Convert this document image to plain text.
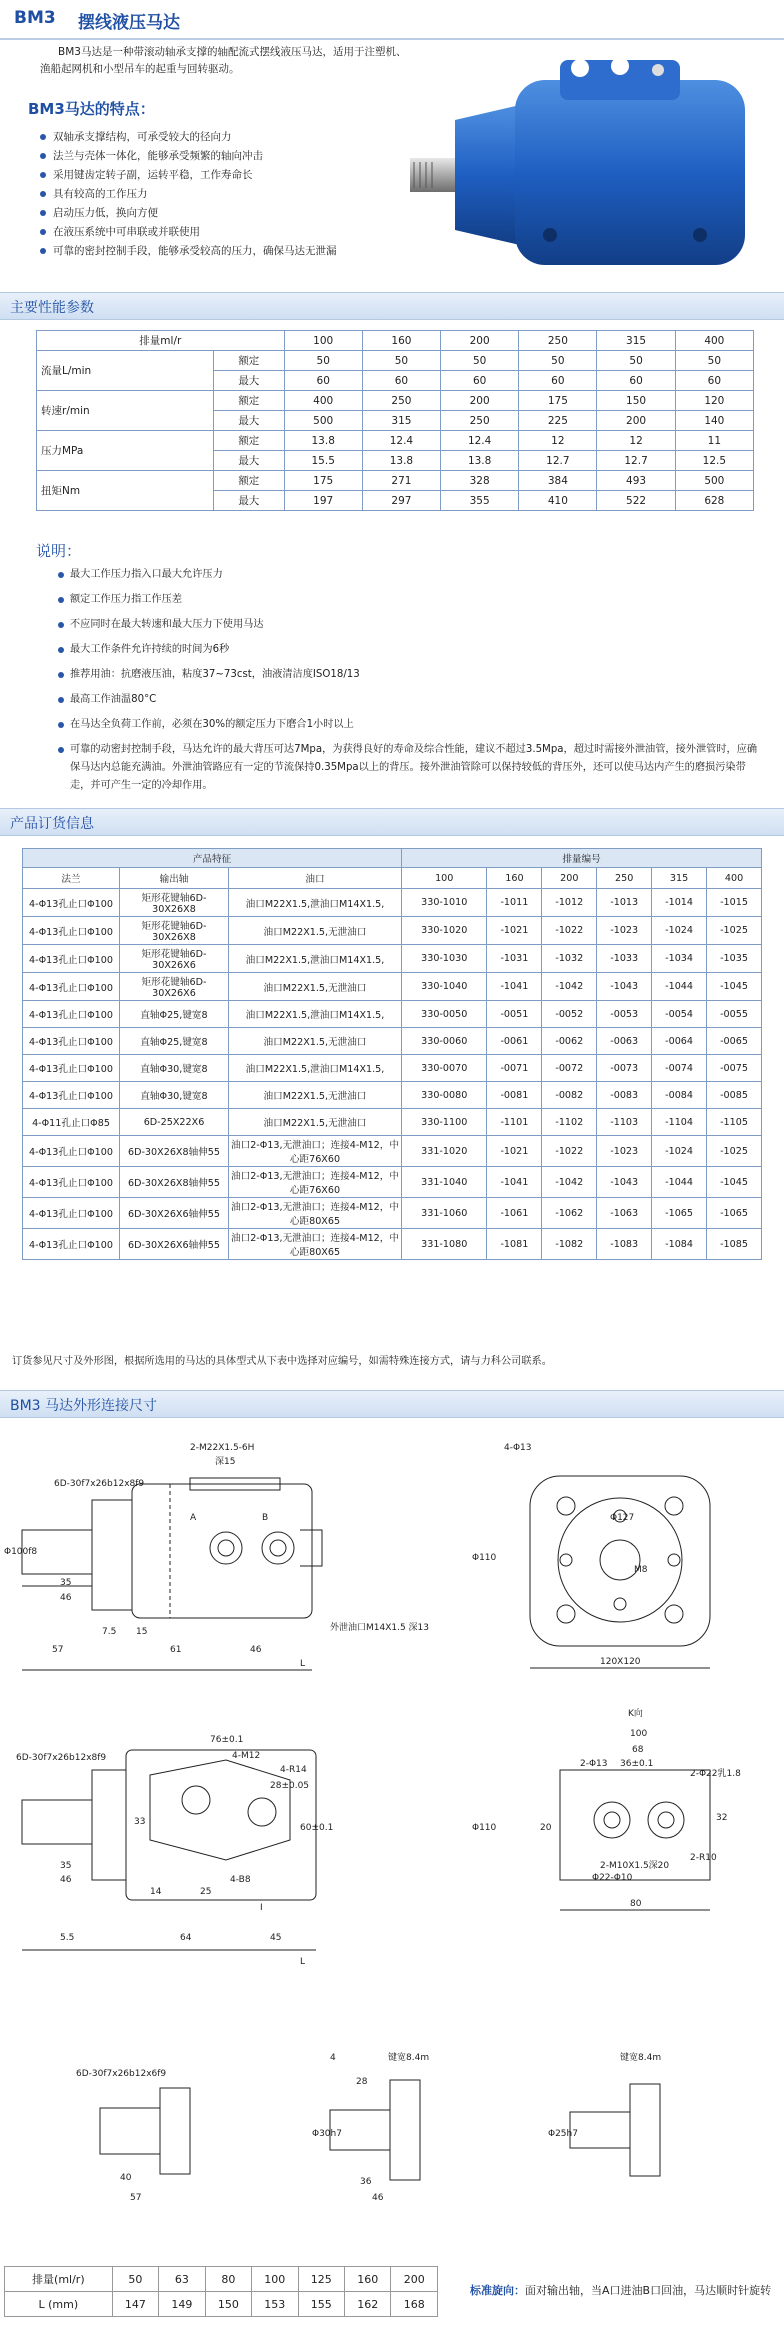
BM3 摆线液压马达
BM3马达是一种带滚动轴承支撑的轴配流式摆线液压马达，适用于注塑机、渔船起网机和小型吊车的起重与回转驱动。
BM3马达的特点：
双轴承支撑结构，可承受较大的径向力
法兰与壳体一体化，能够承受频繁的轴向冲击
采用键齿定转子副，运转平稳，工作寿命长
具有较高的工作压力
启动压力低，换向方便
在液压系统中可串联或并联使用
可靠的密封控制手段，能够承受较高的压力，确保马达无泄漏
主要性能参数
排量ml/r		100	160	200	250	315	400
流量L/min	额定	50	50	50	50	50	50
	最大	60	60	60	60	60	60
转速r/min	额定	400	250	200	175	150	120
	最大	500	315	250	225	200	140
压力MPa	额定	13.8	12.4	12.4	12	12	11
	最大	15.5	13.8	13.8	12.7	12.7	12.5
扭矩Nm	额定	175	271	328	384	493	500
	最大	197	297	355	410	522	628
说明：
最大工作压力指入口最大允许压力
额定工作压力指工作压差
不应同时在最大转速和最大压力下使用马达
最大工作条件允许持续的时间为6秒
推荐用油：抗磨液压油，粘度37~73cst，油液清洁度ISO18/13
最高工作油温80°C
在马达全负荷工作前，必须在30%的额定压力下磨合1小时以上
可靠的动密封控制手段，马达允许的最大背压可达7Mpa，为获得良好的寿命及综合性能，建议不超过3.5Mpa，超过时需接外泄油管，接外泄管时，应确保马达内总能充满油。外泄油管路应有一定的节流保持0.35Mpa以上的背压。接外泄油管除可以保持较低的背压外，还可以使马达内产生的磨损污染带走，并可产生一定的冷却作用。
产品订货信息
产品特征			排量编号					
法兰	输出轴	油口	100	160	200	250	315	400
4-Φ13孔止口Φ100	矩形花键轴6D-30X26X8	油口M22X1.5,泄油口M14X1.5,	330-1010	-1011	-1012	-1013	-1014	-1015
4-Φ13孔止口Φ100	矩形花键轴6D-30X26X8	油口M22X1.5,无泄油口	330-1020	-1021	-1022	-1023	-1024	-1025
4-Φ13孔止口Φ100	矩形花键轴6D-30X26X6	油口M22X1.5,泄油口M14X1.5,	330-1030	-1031	-1032	-1033	-1034	-1035
4-Φ13孔止口Φ100	矩形花键轴6D-30X26X6	油口M22X1.5,无泄油口	330-1040	-1041	-1042	-1043	-1044	-1045
4-Φ13孔止口Φ100	直轴Φ25,键宽8	油口M22X1.5,泄油口M14X1.5,	330-0050	-0051	-0052	-0053	-0054	-0055
4-Φ13孔止口Φ100	直轴Φ25,键宽8	油口M22X1.5,无泄油口	330-0060	-0061	-0062	-0063	-0064	-0065
4-Φ13孔止口Φ100	直轴Φ30,键宽8	油口M22X1.5,泄油口M14X1.5,	330-0070	-0071	-0072	-0073	-0074	-0075
4-Φ13孔止口Φ100	直轴Φ30,键宽8	油口M22X1.5,无泄油口	330-0080	-0081	-0082	-0083	-0084	-0085
4-Φ11孔止口Φ85	6D-25X22X6	油口M22X1.5,无泄油口	330-1100	-1101	-1102	-1103	-1104	-1105
4-Φ13孔止口Φ100	6D-30X26X8轴伸55	油口2-Φ13,无泄油口；连接4-M12，中心距76X60	331-1020	-1021	-1022	-1023	-1024	-1025
4-Φ13孔止口Φ100	6D-30X26X8轴伸55	油口2-Φ13,无泄油口；连接4-M12，中心距76X60	331-1040	-1041	-1042	-1043	-1044	-1045
4-Φ13孔止口Φ100	6D-30X26X6轴伸55	油口2-Φ13,无泄油口；连接4-M12，中心距80X65	331-1060	-1061	-1062	-1063	-1065	-1065
4-Φ13孔止口Φ100	6D-30X26X6轴伸55	油口2-Φ13,无泄油口；连接4-M12，中心距80X65	331-1080	-1081	-1082	-1083	-1084	-1085
订货参见尺寸及外形图，根据所选用的马达的具体型式从下表中选择对应编号，如需特殊连接方式，请与力科公司联系。
BM3 马达外形连接尺寸
6D-30f7x26b12x8f9
Φ100f8
35
46
7.5 15
57	61	46
L
2-M22X1.5-6H
深15
A	B
外泄油口M14X1.5 深13
Φ110
4-Φ13
Φ127
M8
120X120
6D-30f7x26b12x8f9
35
46
76±0.1
4-M12
4-R14
28±0.05
60±0.1
33
4-B8
25
14
I
5.5	64	45
L
Φ110
K向
100
68
36±0.1
2-Φ13
2-Φ22乳1.8
20
32
2-M10X1.5深20
Φ22-Φ10
2-R10
80
6D-30f7x26b12x6f9
40
57
4
28
Φ30h7
键宽8.4m
36
46
Φ25h7
键宽8.4m
排量(ml/r)	50	63	80	100	125	160	200
L (mm)	147	149	150	153	155	162	168
标准旋向：面对输出轴，当A口进油B口回油，马达顺时针旋转
